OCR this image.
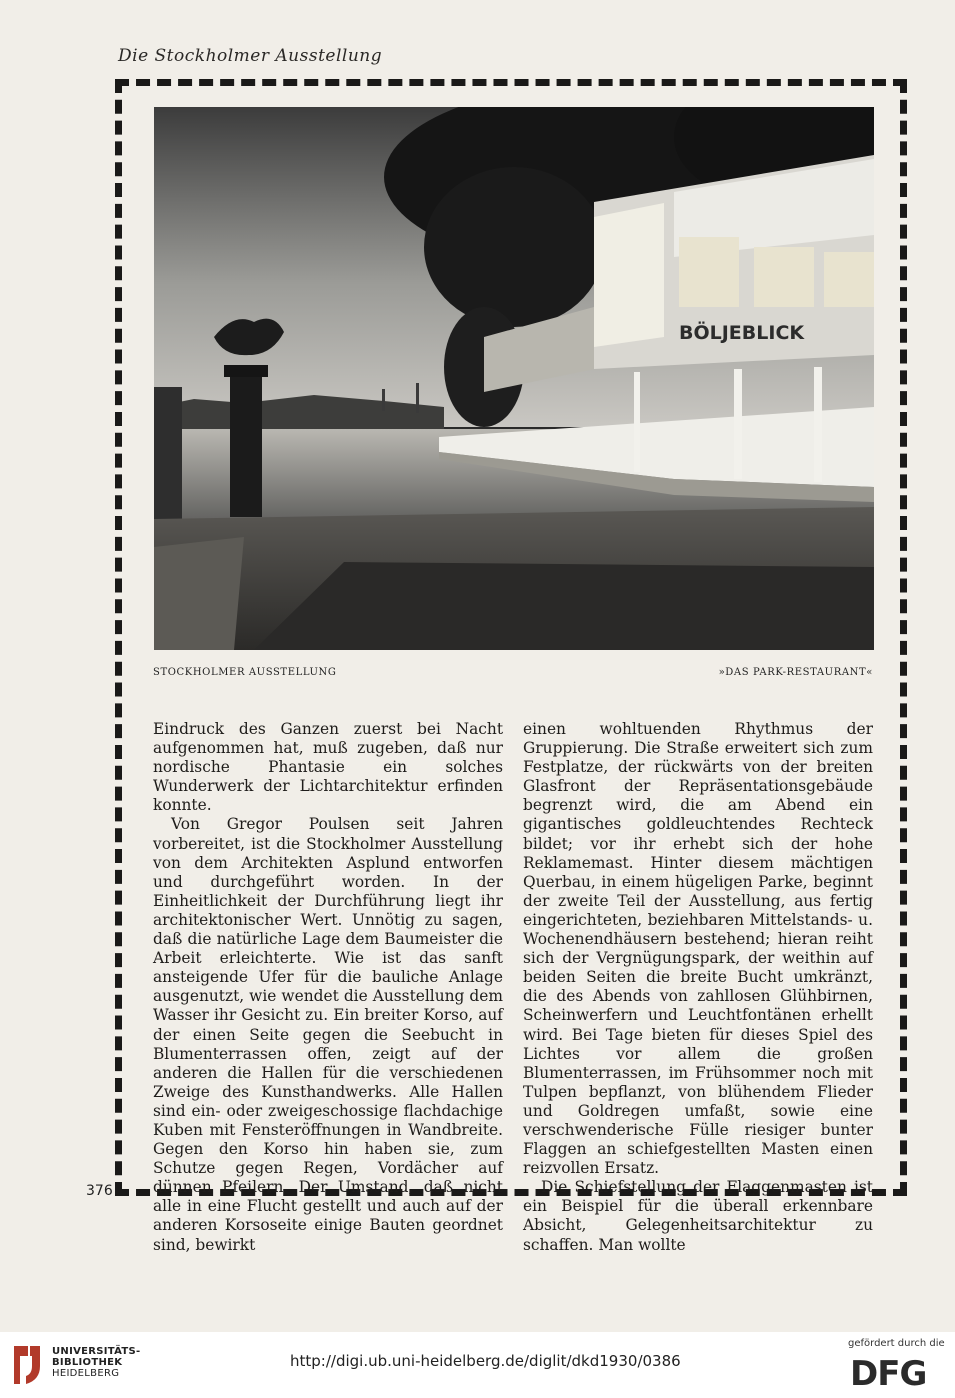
Die Stockholmer Ausstellung
BÖLJEBLICK
STOCKHOLMER AUSSTELLUNG	»DAS PARK-RESTAURANT«

Eindruck des Ganzen zuerst bei Nacht aufgenommen hat, muß zugeben, daß nur nordische Phantasie ein solches Wunderwerk der Lichtarchitektur erfinden konnte.

Von Gregor Poulsen seit Jahren vorbereitet, ist die Stockholmer Ausstellung von dem Architekten Asplund entworfen und durchgeführt worden. In der Einheitlichkeit der Durchführung liegt ihr architektonischer Wert. Unnötig zu sagen, daß die natürliche Lage dem Baumeister die Arbeit erleichterte. Wie ist das sanft ansteigende Ufer für die bauliche Anlage ausgenutzt, wie wendet die Ausstellung dem Wasser ihr Gesicht zu. Ein breiter Korso, auf der einen Seite gegen die Seebucht in Blumenterrassen offen, zeigt auf der anderen die Hallen für die verschiedenen Zweige des Kunsthandwerks. Alle Hallen sind ein- oder zweigeschossige flachdachige Kuben mit Fensteröffnungen in Wandbreite. Gegen den Korso hin haben sie, zum Schutze gegen Regen, Vordächer auf dünnen Pfeilern. Der Umstand, daß nicht alle in eine Flucht gestellt und auch auf der anderen Korsoseite einige Bauten geordnet sind, bewirkt

einen wohltuenden Rhythmus der Gruppierung. Die Straße erweitert sich zum Festplatze, der rückwärts von der breiten Glasfront der Repräsentationsgebäude begrenzt wird, die am Abend ein gigantisches goldleuchtendes Rechteck bildet; vor ihr erhebt sich der hohe Reklamemast. Hinter diesem mächtigen Querbau, in einem hügeligen Parke, beginnt der zweite Teil der Ausstellung, aus fertig eingerichteten, beziehbaren Mittelstands- u. Wochenendhäusern bestehend; hieran reiht sich der Vergnügungspark, der weithin auf beiden Seiten die breite Bucht umkränzt, die des Abends von zahllosen Glühbirnen, Scheinwerfern und Leuchtfontänen erhellt wird. Bei Tage bieten für dieses Spiel des Lichtes vor allem die großen Blumenterrassen, im Frühsommer noch mit Tulpen bepflanzt, von blühendem Flieder und Goldregen umfaßt, sowie eine verschwenderische Fülle riesiger bunter Flaggen an schiefgestellten Masten einen reizvollen Ersatz.

Die Schiefstellung der Flaggenmasten ist ein Beispiel für die überall erkennbare Absicht, Gelegenheitsarchitektur zu schaffen. Man wollte

376
UNIVERSITÄTS-
BIBLIOTHEK
HEIDELBERG
http://digi.ub.uni-heidelberg.de/diglit/dkd1930/0386
gefördert durch die
DFG
